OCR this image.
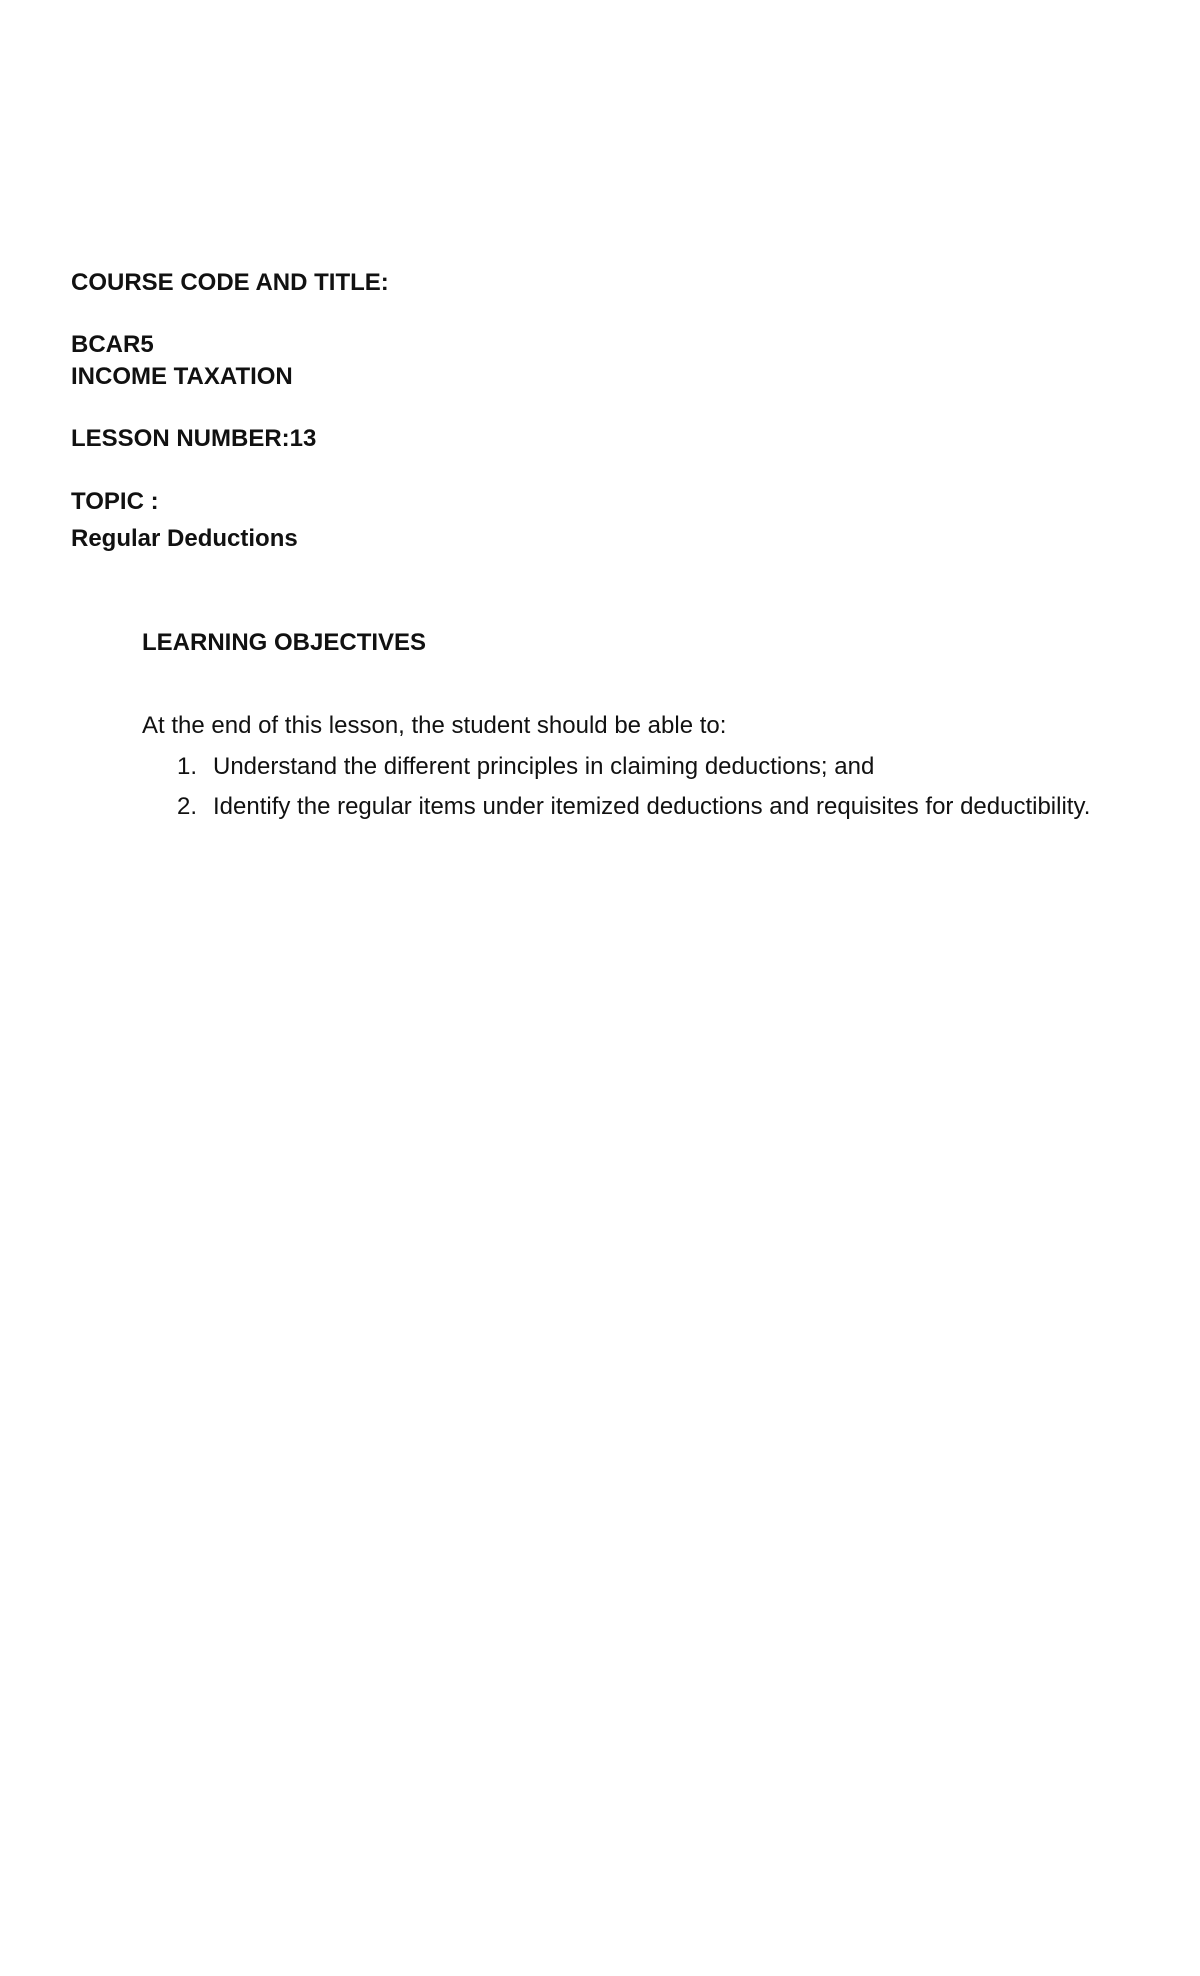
COURSE CODE AND TITLE:
BCAR5
INCOME TAXATION
LESSON NUMBER:13
TOPIC :
Regular Deductions
LEARNING OBJECTIVES
At the end of this lesson, the student should be able to:
1. Understand the different principles in claiming deductions; and
2. Identify the regular items under itemized deductions and requisites for deductibility.
